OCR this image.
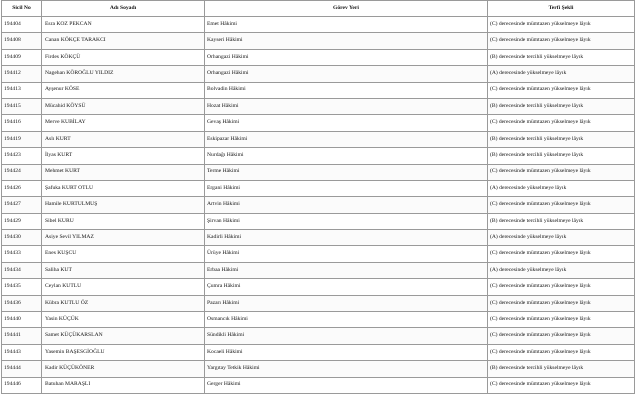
Sicil No	Adı Soyadı	Görev Yeri	Terfi Şekli
194404	Esra KOZ PEKCAN	Emet Hâkimi	(C) derecesinde mümtazen yükselmeye lâyık
194408	Canan KÖKÇE TARAKCI	Kayseri Hâkimi	(C) derecesinde mümtazen yükselmeye lâyık
194409	Firdes KÖKÇÜ	Orhangazi Hâkimi	(B) derecesinde tercihli yükselmeye lâyık
194412	Nagehan KÖROĞLU YILDIZ	Orhangazi Hâkimi	(A) derecesinde yükselmeye lâyık
194413	Ayşenur KÖSE	Bolvadin Hâkimi	(C) derecesinde mümtazen yükselmeye lâyık
194415	Mücahid KÖYSÜ	Hozat Hâkimi	(B) derecesinde tercihli yükselmeye lâyık
194416	Merve KUBİLAY	Gevaş Hâkimi	(C) derecesinde mümtazen yükselmeye lâyık
194419	Aslı KURT	Eskipazar Hâkimi	(B) derecesinde tercihli yükselmeye lâyık
194423	İlyas KURT	Nurdağı Hâkimi	(B) derecesinde tercihli yükselmeye lâyık
194424	Mehmet KURT	Terme Hâkimi	(C) derecesinde mümtazen yükselmeye lâyık
194426	Şafuka KURT OTLU	Ergani Hâkimi	(A) derecesinde yükselmeye lâyık
194427	Hamile KURTULMUŞ	Artvin Hâkimi	(C) derecesinde mümtazen yükselmeye lâyık
194429	Sibel KURU	Şirvan Hâkimi	(B) derecesinde tercihli yükselmeye lâyık
194430	Asiye Sevil YILMAZ	Kadirli Hâkimi	(A) derecesinde yükselmeye lâyık
194433	Enes KUŞCU	Ürüye Hâkimi	(C) derecesinde mümtazen yükselmeye lâyık
194434	Saliha KUT	Erbaa Hâkimi	(A) derecesinde yükselmeye lâyık
194435	Ceylan KUTLU	Çumra Hâkimi	(C) derecesinde mümtazen yükselmeye lâyık
194436	Kübra KUTLU ÖZ	Pazarı Hâkimi	(C) derecesinde mümtazen yükselmeye lâyık
194440	Yasin KÜÇÜK	Osmancık Hâkimi	(C) derecesinde mümtazen yükselmeye lâyık
194441	Samet KÜÇÜKARSLAN	Sündikli Hâkimi	(C) derecesinde mümtazen yükselmeye lâyık
194443	Yasemin BAŞESGİOĞLU	Kocaeli Hâkimi	(C) derecesinde mümtazen yükselmeye lâyık
194444	Kadir KÜÇÜKÖNER	Yargıtay Tetkik Hâkimi	(B) derecesinde tercihli yükselmeye lâyık
194446	Batuhan MARAŞLI	Gerger Hâkimi	(C) derecesinde mümtazen yükselmeye lâyık
